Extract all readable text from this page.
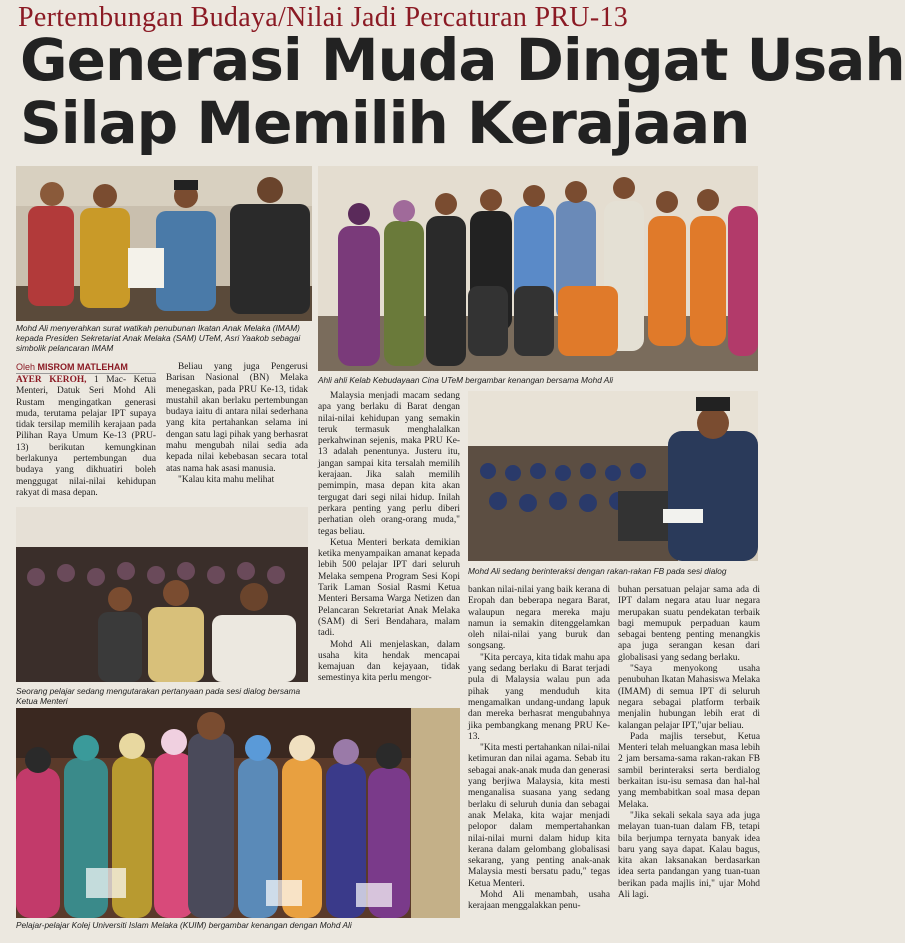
Pertembungan Budaya/Nilai Jadi Percaturan PRU-13
Generasi Muda Dingat Usah
Silap Memilih Kerajaan
Mohd Ali menyerahkan surat watikah penubunan Ikatan Anak Melaka (IMAM) kepada Presiden Sekretariat Anak Melaka (SAM) UTeM, Asri Yaakob sebagai simbolik pelancaran IMAM
Ahli ahli Kelab Kebudayaan Cina UTeM bergambar kenangan bersama Mohd Ali
Oleh MISROM MATLEHAM

AYER KEROH, 1 Mac- Ketua Menteri, Datuk Seri Mohd Ali Rustam mengingatkan generasi muda, terutama pelajar IPT supaya tidak tersilap memilih kerajaan pada Pilihan Raya Umum Ke-13 (PRU-13) berikutan kemungkinan berlakunya pertembungan dua budaya yang dikhuatiri boleh menggugat nilai-nilai kehidupan rakyat di masa depan.

Beliau yang juga Pengerusi Barisan Nasional (BN) Melaka menegaskan, pada PRU Ke-13, tidak mustahil akan berlaku pertembungan budaya iaitu di antara nilai sederhana yang kita pertahankan selama ini dengan satu lagi pihak yang berhasrat mahu mengubah nilai sedia ada kepada nilai kebebasan secara total atas nama hak asasi manusia.

"Kalau kita mahu melihat

Malaysia menjadi macam sedang apa yang berlaku di Barat dengan nilai-nilai kehidupan yang semakin teruk termasuk menghalalkan perkahwinan sejenis, maka PRU Ke-13 adalah penentunya. Justeru itu, jangan sampai kita tersalah memilih kerajaan. Jika salah memilih pemimpin, masa depan kita akan tergugat dari segi nilai hidup. Inilah perkara penting yang perlu diberi perhatian oleh orang-orang muda," tegas beliau.

Ketua Menteri berkata demikian ketika menyampaikan amanat kepada lebih 500 pelajar IPT dari seluruh Melaka sempena Program Sesi Kopi Tarik Laman Sosial Rasmi Ketua Menteri Bersama Warga Netizen dan Pelancaran Sekretariat Anak Melaka (SAM) di Seri Bendahara, malam tadi.

Mohd Ali menjelaskan, dalam usaha kita hendak mencapai kemajuan dan kejayaan, tidak semestinya kita perlu mengor-

Mohd Ali sedang berinteraksi dengan rakan-rakan FB pada sesi dialog
Seorang pelajar sedang mengutarakan pertanyaan pada sesi dialog bersama Ketua Menteri

bankan nilai-nilai yang baik kerana di Eropah dan beberapa negara Barat, walaupun negara mereka maju namun ia semakin ditenggelamkan oleh nilai-nilai yang buruk dan songsang.

"Kita percaya, kita tidak mahu apa yang sedang berlaku di Barat terjadi pula di Malaysia walau pun ada pihak yang menduduh kita mengamalkan undang-undang lapuk dan mereka berhasrat mengubahnya jika pembangkang menang PRU Ke-13.

"Kita mesti pertahankan nilai-nilai ketimuran dan nilai agama. Sebab itu sebagai anak-anak muda dan generasi yang berjiwa Malaysia, kita mesti menganalisa suasana yang sedang berlaku di seluruh dunia dan sebagai anak Melaka, kita wajar menjadi pelopor dalam mempertahankan nilai-nilai murni dalam hidup kita kerana dalam gelombang globalisasi sekarang, yang penting anak-anak Malaysia mesti bersatu padu," tegas Ketua Menteri.

Mohd Ali menambah, usaha kerajaan menggalakkan penu-

buhan persatuan pelajar sama ada di IPT dalam negara atau luar negara merupakan suatu pendekatan terbaik bagi memupuk perpaduan kaum sebagai benteng penting menangkis apa juga serangan kesan dari globalisasi yang sedang berlaku.

"Saya menyokong usaha penubuhan Ikatan Mahasiswa Melaka (IMAM) di semua IPT di seluruh negara sebagai platform terbaik menjalin hubungan lebih erat di kalangan pelajar IPT,"ujar beliau.

Pada majlis tersebut, Ketua Menteri telah meluangkan masa lebih 2 jam bersama-sama rakan-rakan FB sambil berinteraksi serta berdialog berkaitan isu-isu semasa dan hal-hal yang membabitkan soal masa depan Melaka.

"Jika sekali sekala saya ada juga melayan tuan-tuan dalam FB, tetapi bila berjumpa ternyata banyak idea baru yang saya dapat. Kalau bagus, kita akan laksanakan berdasarkan idea serta pandangan yang tuan-tuan berikan pada majlis ini," ujar Mohd Ali lagi.

Pelajar-pelajar Kolej Universiti Islam Melaka (KUIM) bergambar kenangan dengan Mohd Ali
